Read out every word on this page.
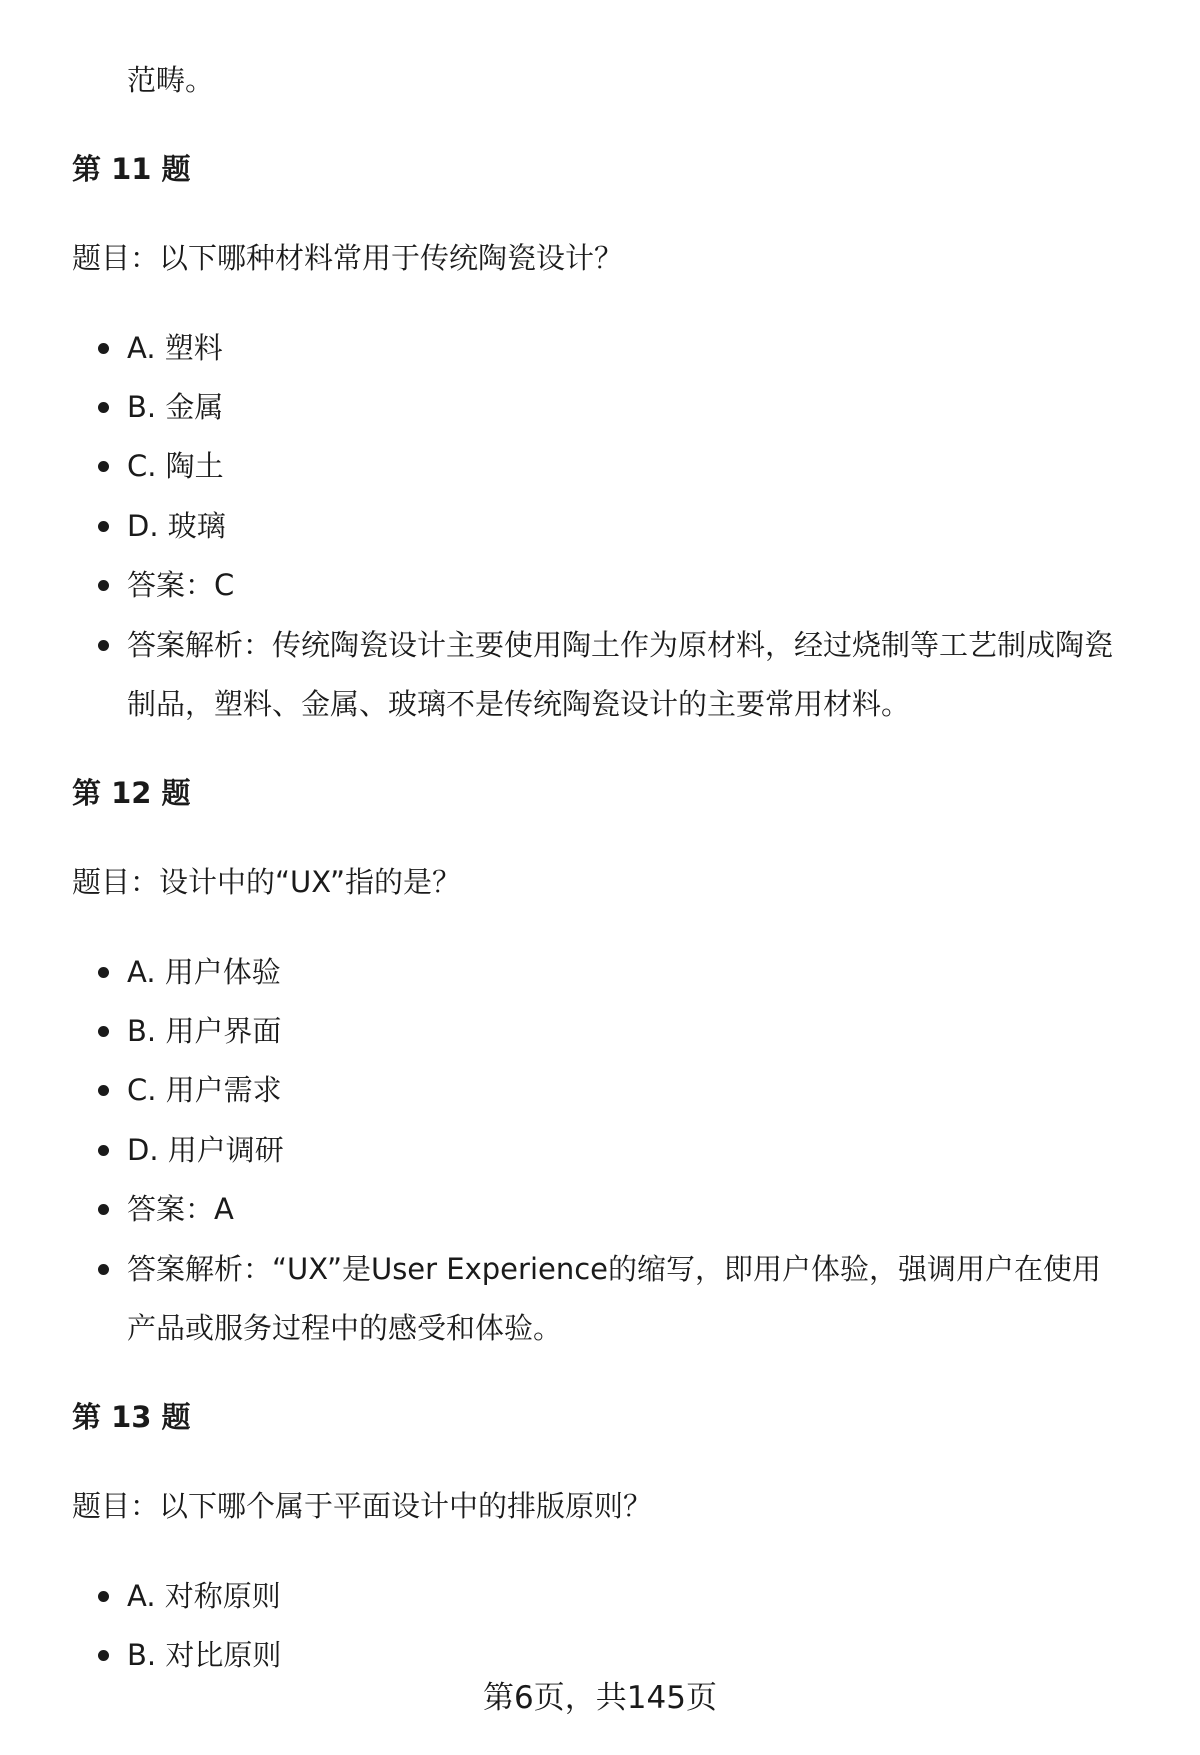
范畴。
第 11 题
题目：以下哪种材料常用于传统陶瓷设计？
A. 塑料
B. 金属
C. 陶土
D. 玻璃
答案：C
答案解析：传统陶瓷设计主要使用陶土作为原材料，经过烧制等工艺制成陶瓷
制品，塑料、金属、玻璃不是传统陶瓷设计的主要常用材料。
第 12 题
题目：设计中的“UX”指的是？
A. 用户体验
B. 用户界面
C. 用户需求
D. 用户调研
答案：A
答案解析：“UX”是User Experience的缩写，即用户体验，强调用户在使用
产品或服务过程中的感受和体验。
第 13 题
题目：以下哪个属于平面设计中的排版原则？
A. 对称原则
B. 对比原则
第6页，共145页
